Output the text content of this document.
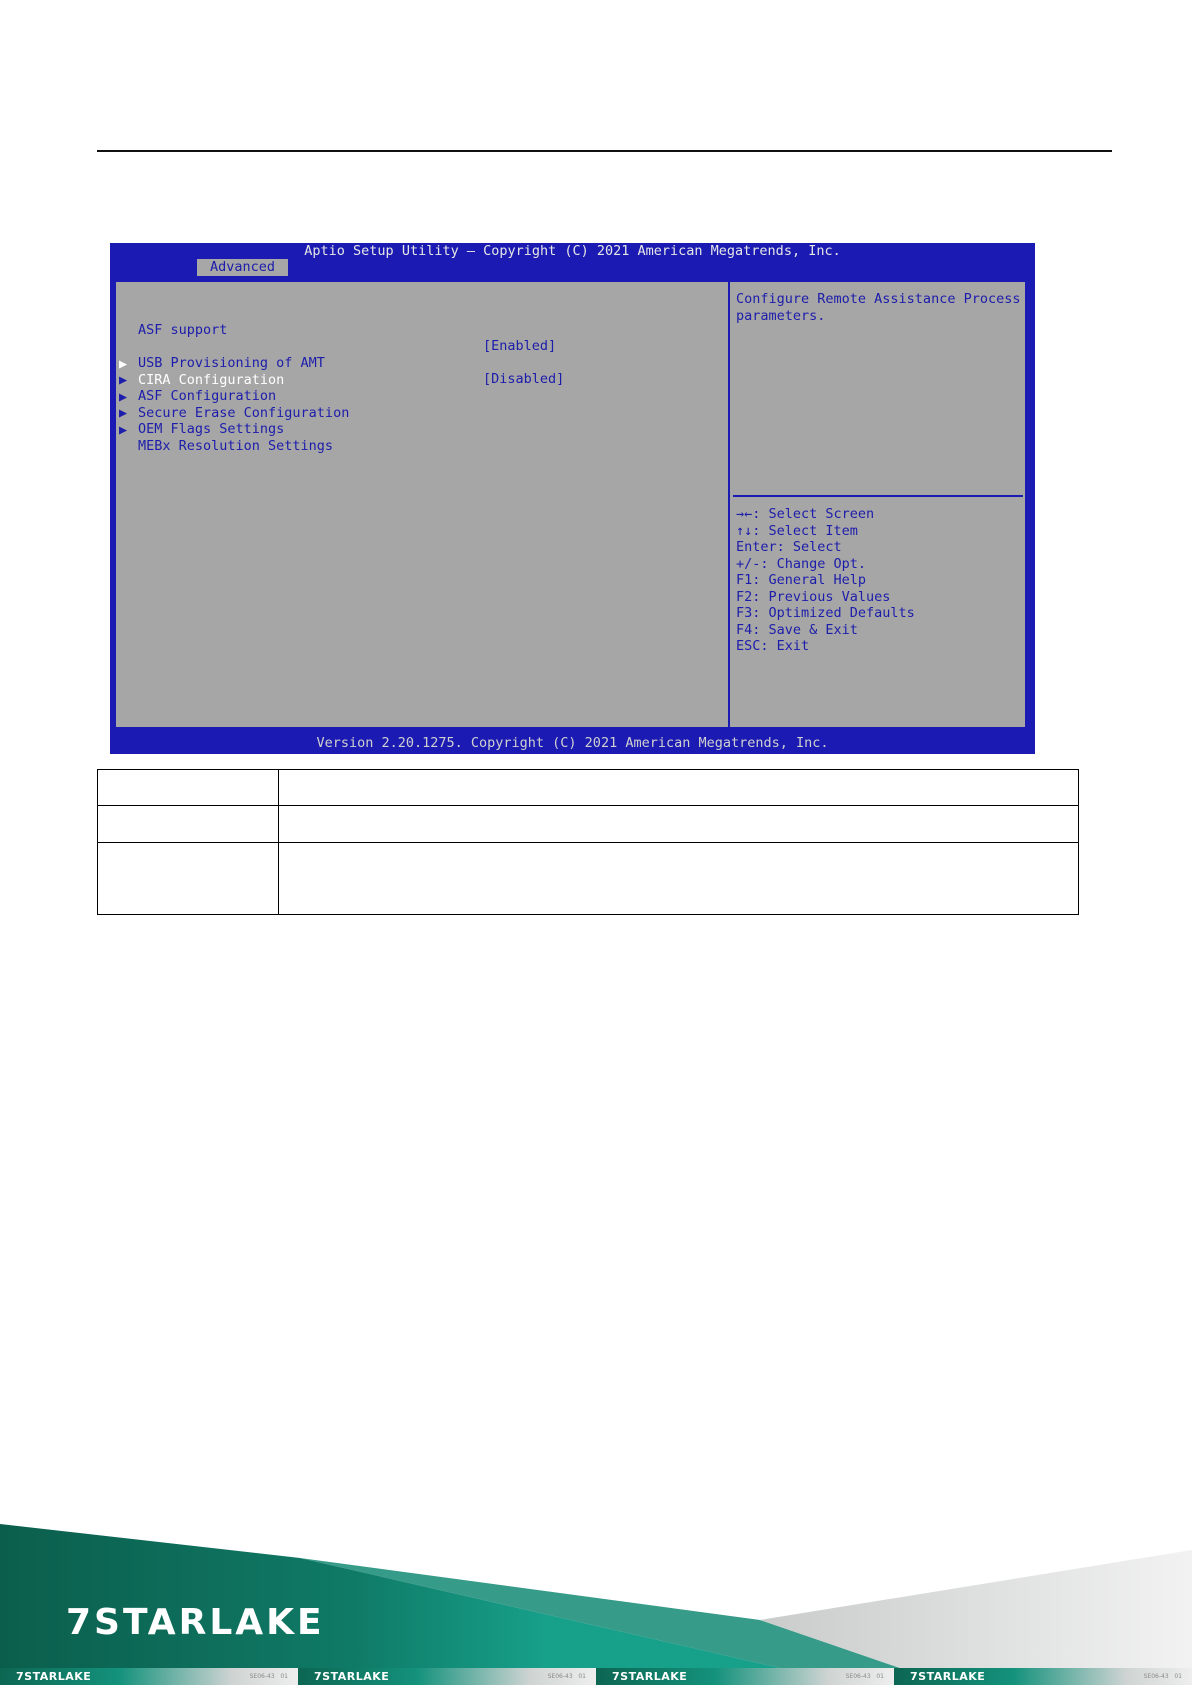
Aptio Setup Utility – Copyright (C) 2021 American Megatrends, Inc.
Advanced

ASF support

[Enabled]

USB Provisioning of AMT

[Disabled]

▶

CIRA Configuration

▶

ASF Configuration

▶

Secure Erase Configuration

▶

OEM Flags Settings

▶

MEBx Resolution Settings

Configure Remote Assistance Process parameters.
→←: Select Screen
↑↓: Select Item
Enter: Select
+/-: Change Opt.
F1: General Help
F2: Previous Values
F3: Optimized Defaults
F4: Save & Exit
ESC: Exit
Version 2.20.1275. Copyright (C) 2021 American Megatrends, Inc.

7STARLAKE
7STARLAKE	SE06-43   01 7STARLAKE	SE06-43   01 7STARLAKE	SE06-43   01 7STARLAKE	SE06-43   01
